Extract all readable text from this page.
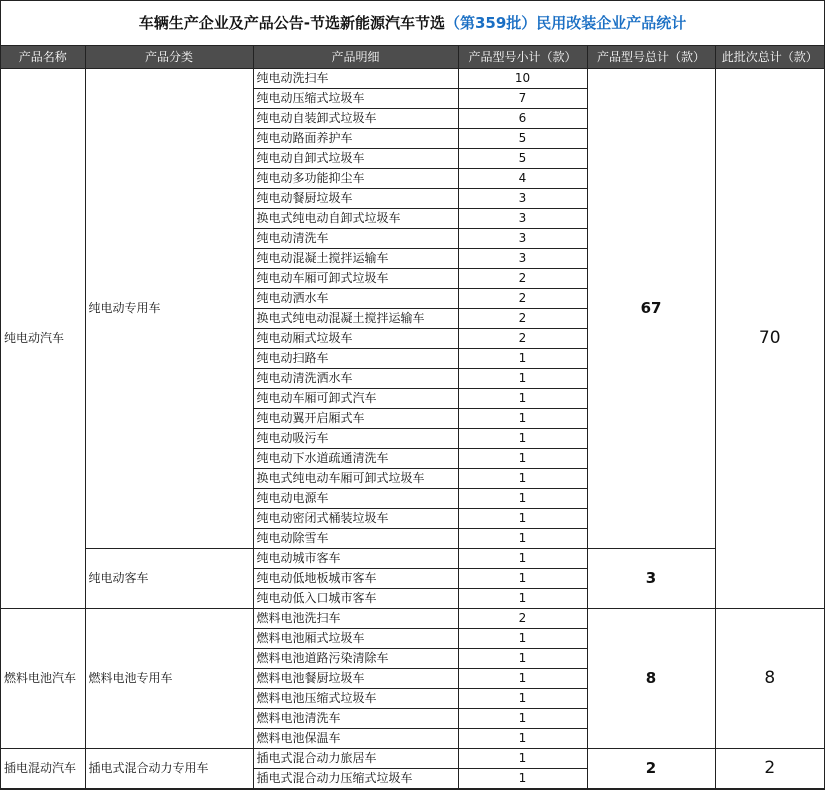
车辆生产企业及产品公告-节选新能源汽车节选（第359批）民用改装企业产品统计
产品名称	产品分类	产品明细	产品型号小计（款）	产品型号总计（款）	此批次总计（款）
纯电动汽车	纯电动专用车	纯电动洗扫车	10	67	70
		纯电动压缩式垃圾车	7		
		纯电动自装卸式垃圾车	6		
		纯电动路面养护车	5		
		纯电动自卸式垃圾车	5		
		纯电动多功能抑尘车	4		
		纯电动餐厨垃圾车	3		
		换电式纯电动自卸式垃圾车	3		
		纯电动清洗车	3		
		纯电动混凝土搅拌运输车	3		
		纯电动车厢可卸式垃圾车	2		
		纯电动洒水车	2		
		换电式纯电动混凝土搅拌运输车	2		
		纯电动厢式垃圾车	2		
		纯电动扫路车	1		
		纯电动清洗洒水车	1		
		纯电动车厢可卸式汽车	1		
		纯电动翼开启厢式车	1		
		纯电动吸污车	1		
		纯电动下水道疏通清洗车	1		
		换电式纯电动车厢可卸式垃圾车	1		
		纯电动电源车	1		
		纯电动密闭式桶装垃圾车	1		
		纯电动除雪车	1		
	纯电动客车	纯电动城市客车	1	3	
		纯电动低地板城市客车	1		
		纯电动低入口城市客车	1		
燃料电池汽车	燃料电池专用车	燃料电池洗扫车	2	8	8
		燃料电池厢式垃圾车	1		
		燃料电池道路污染清除车	1		
		燃料电池餐厨垃圾车	1		
		燃料电池压缩式垃圾车	1		
		燃料电池清洗车	1		
		燃料电池保温车	1		
插电混动汽车	插电式混合动力专用车	插电式混合动力旅居车	1	2	2
		插电式混合动力压缩式垃圾车	1		
